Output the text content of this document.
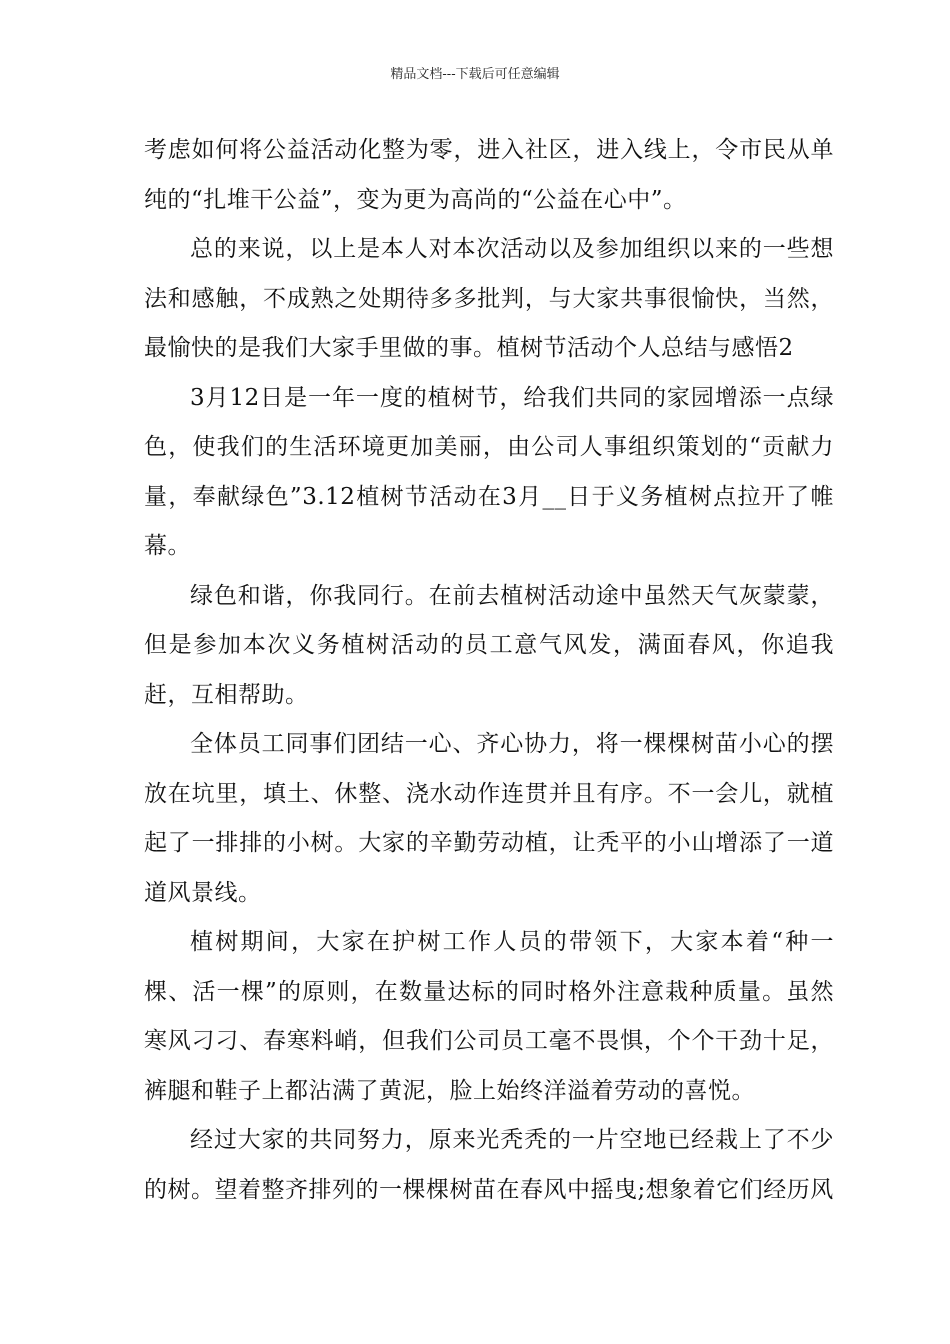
精品文档---下载后可任意编辑

考虑如何将公益活动化整为零，进入社区，进入线上，令市民从单纯的“扎堆干公益”，变为更为高尚的“公益在心中”。

总的来说，以上是本人对本次活动以及参加组织以来的一些想法和感触，不成熟之处期待多多批判，与大家共事很愉快，当然，最愉快的是我们大家手里做的事。植树节活动个人总结与感悟2

3月12日是一年一度的植树节，给我们共同的家园增添一点绿色，使我们的生活环境更加美丽，由公司人事组织策划的“贡献力量，奉献绿色”3.12植树节活动在3月__日于义务植树点拉开了帷幕。

绿色和谐，你我同行。在前去植树活动途中虽然天气灰蒙蒙，但是参加本次义务植树活动的员工意气风发，满面春风，你追我赶，互相帮助。

全体员工同事们团结一心、齐心协力，将一棵棵树苗小心的摆放在坑里，填土、休整、浇水动作连贯并且有序。不一会儿，就植起了一排排的小树。大家的辛勤劳动植，让秃平的小山增添了一道道风景线。

植树期间，大家在护树工作人员的带领下，大家本着“种一棵、活一棵”的原则，在数量达标的同时格外注意栽种质量。虽然寒风刁刁、春寒料峭，但我们公司员工毫不畏惧，个个干劲十足，裤腿和鞋子上都沾满了黄泥，脸上始终洋溢着劳动的喜悦。

经过大家的共同努力，原来光秃秃的一片空地已经栽上了不少的树。望着整齐排列的一棵棵树苗在春风中摇曳;想象着它们经历风
